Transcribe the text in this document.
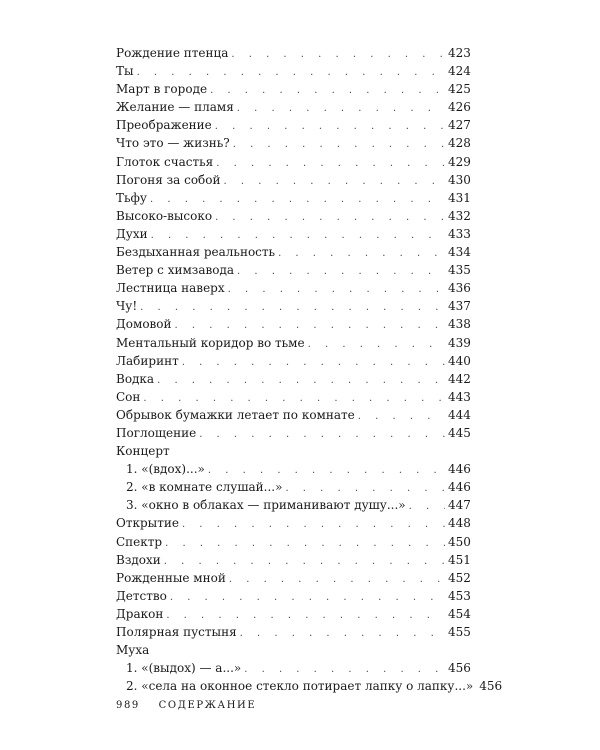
Рождение птенца . . .	423
Ты . . .	424
Март в городе . . .	425
Желание — пламя . . .	426
Преображение . . .	427
Что это — жизнь? . . .	428
Глоток счастья . . .	429
Погоня за собой . . .	430
Тьфу . . .	431
Высоко-высоко . . .	432
Духи . . .	433
Бездыханная реальность . . .	434
Ветер с химзавода . . .	435
Лестница наверх . . .	436
Чу! . . .	437
Домовой . . .	438
Ментальный коридор во тьме . . .	439
Лабиринт . . .	440
Водка . . .	442
Сон . . .	443
Обрывок бумажки летает по комнате . . .	444
Поглощение . . .	445
Концерт
1. «(вдох)...» . . .	446
2. «в комнате слушай...» . . .	446
3. «окно в облаках — приманивают душу...» . . .	447
Открытие . . .	448
Спектр . . .	450
Вздохи . . .	451
Рожденные мной . . .	452
Детство . . .	453
Дракон . . .	454
Полярная пустыня . . .	455
Муха
1. «(выдох) — а...» . . .	456
2. «села на оконное стекло потирает лапку о лапку...» 456
989 СОДЕРЖАНИЕ
